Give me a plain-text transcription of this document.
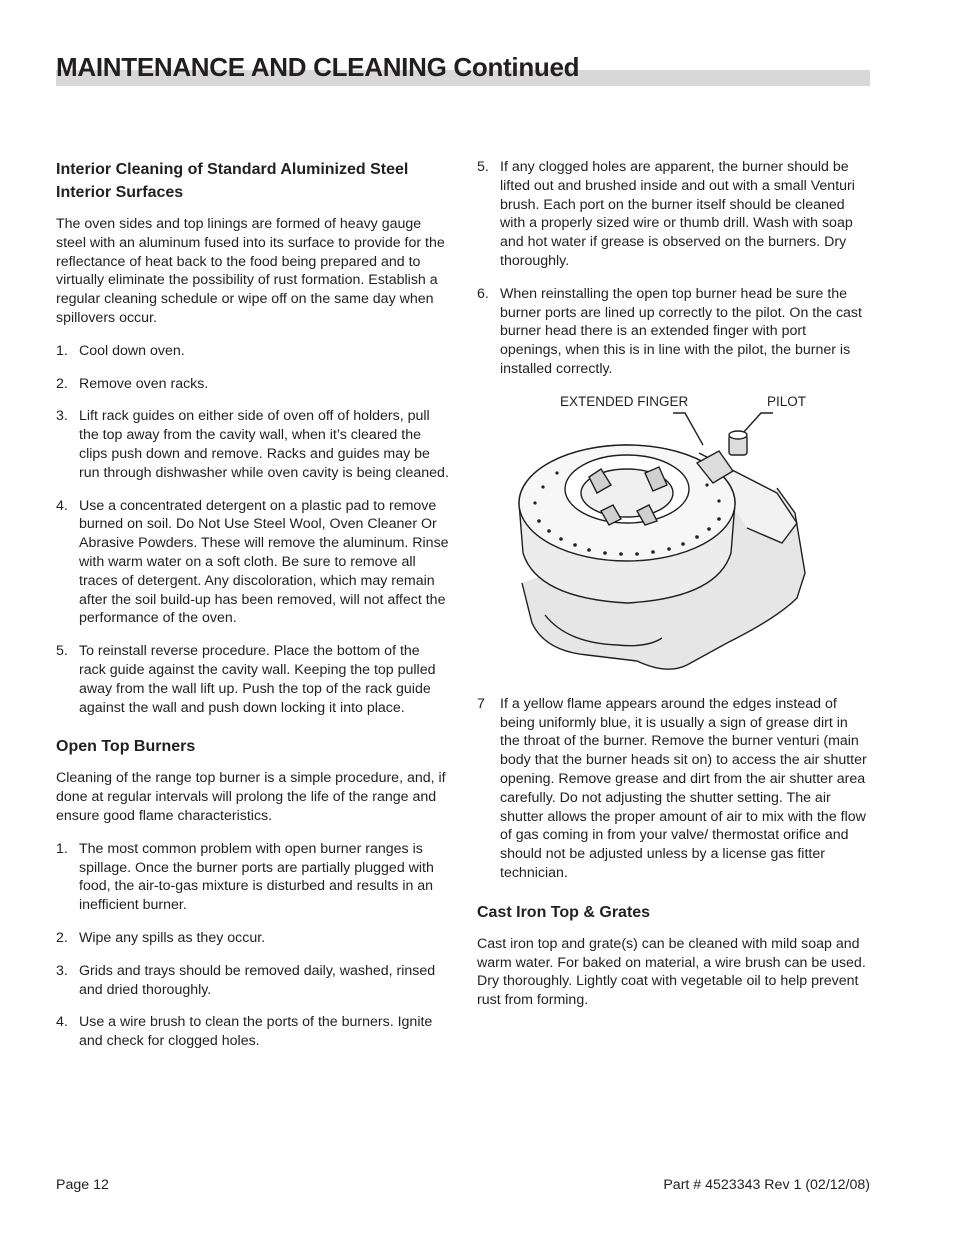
MAINTENANCE AND CLEANING Continued
Interior Cleaning of Standard Aluminized Steel Interior Surfaces

The oven sides and top linings are formed of heavy gauge steel with an aluminum fused into its surface to provide for the reflectance of heat back to the food being prepared and to virtually eliminate the possibility of rust formation. Establish a regular cleaning schedule or wipe off on the same day when spillovers occur.

1. Cool down oven.
2. Remove oven racks.
3. Lift rack guides on either side of oven off of holders, pull the top away from the cavity wall, when it’s cleared the clips push down and remove. Racks and guides may be run through dishwasher while oven cavity is being cleaned.
4. Use a concentrated detergent on a plastic pad to remove burned on soil. Do Not Use Steel Wool, Oven Cleaner Or Abrasive Powders. These will remove the aluminum. Rinse with warm water on a soft cloth. Be sure to remove all traces of detergent. Any discoloration, which may remain after the soil build-up has been removed, will not affect the performance of the oven.
5. To reinstall reverse procedure. Place the bottom of the rack guide against the cavity wall. Keeping the top pulled away from the wall lift up. Push the top of the rack guide against the wall and push down locking it into place.
Open Top Burners

Cleaning of the range top burner is a simple procedure, and, if done at regular intervals will prolong the life of the range and ensure good flame characteristics.

1. The most common problem with open burner ranges is spillage. Once the burner ports are partially plugged with food, the air-to-gas mixture is disturbed and results in an inefficient burner.
2. Wipe any spills as they occur.
3. Grids and trays should be removed daily, washed, rinsed and dried thoroughly.
4. Use a wire brush to clean the ports of the burners. Ignite and check for clogged holes.
5. If any clogged holes are apparent, the burner should be lifted out and brushed inside and out with a small Venturi brush. Each port on the burner itself should be cleaned with a properly sized wire or thumb drill. Wash with soap and hot water if grease is observed on the burners. Dry thoroughly.
6. When reinstalling the open top burner head be sure the burner ports are lined up correctly to the pilot. On the cast burner head there is an extended finger with port openings, when this is in line with the pilot, the burner is installed correctly.
EXTENDED FINGER	PILOT
7 If a yellow flame appears around the edges instead of being uniformly blue, it is usually a sign of grease dirt in the throat of the burner. Remove the burner venturi (main body that the burner heads sit on) to access the air shutter opening. Remove grease and dirt from the air shutter area carefully. Do not adjusting the shutter setting. The air shutter allows the proper amount of air to mix with the flow of gas coming in from your valve/ thermostat orifice and should not be adjusted unless by a license gas fitter technician.
Cast Iron Top & Grates

Cast iron top and grate(s) can be cleaned with mild soap and warm water. For baked on material, a wire brush can be used. Dry thoroughly. Lightly coat with vegetable oil to help prevent rust from forming.

Page 12	Part # 4523343 Rev 1 (02/12/08)
